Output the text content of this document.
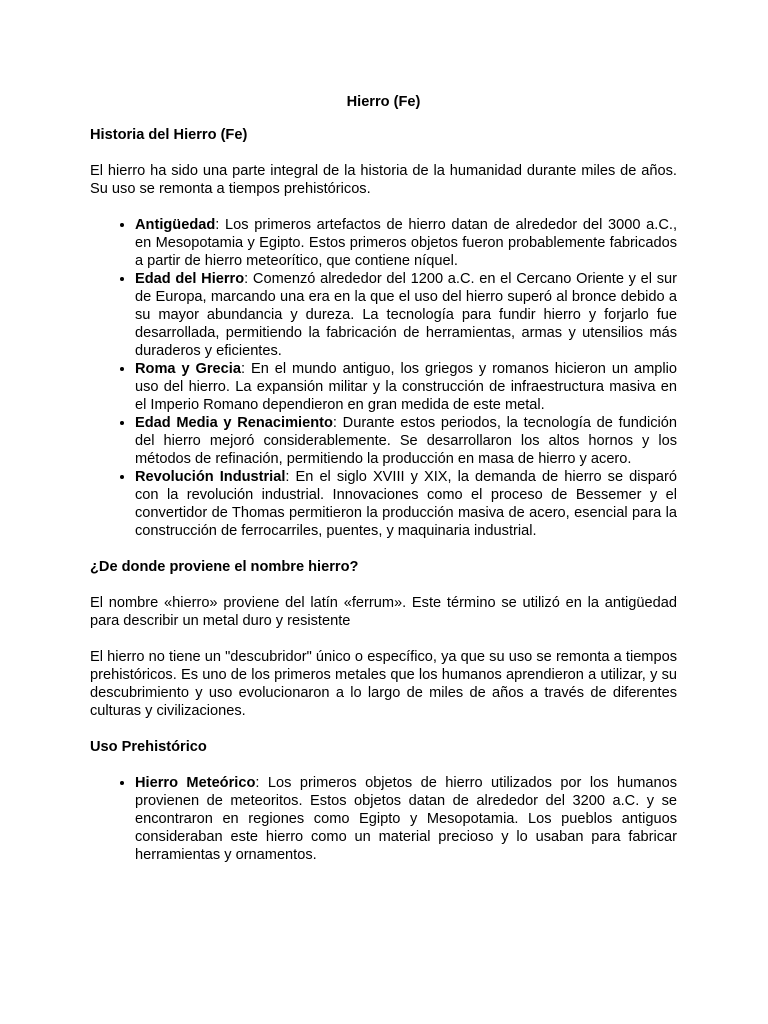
Hierro (Fe)
Historia del Hierro (Fe)

El hierro ha sido una parte integral de la historia de la humanidad durante miles de años. Su uso se remonta a tiempos prehistóricos.

• Antigüedad: Los primeros artefactos de hierro datan de alrededor del 3000 a.C., en Mesopotamia y Egipto. Estos primeros objetos fueron probablemente fabricados a partir de hierro meteorítico, que contiene níquel.
• Edad del Hierro: Comenzó alrededor del 1200 a.C. en el Cercano Oriente y el sur de Europa, marcando una era en la que el uso del hierro superó al bronce debido a su mayor abundancia y dureza. La tecnología para fundir hierro y forjarlo fue desarrollada, permitiendo la fabricación de herramientas, armas y utensilios más duraderos y eficientes.
• Roma y Grecia: En el mundo antiguo, los griegos y romanos hicieron un amplio uso del hierro. La expansión militar y la construcción de infraestructura masiva en el Imperio Romano dependieron en gran medida de este metal.
• Edad Media y Renacimiento: Durante estos periodos, la tecnología de fundición del hierro mejoró considerablemente. Se desarrollaron los altos hornos y los métodos de refinación, permitiendo la producción en masa de hierro y acero.
• Revolución Industrial: En el siglo XVIII y XIX, la demanda de hierro se disparó con la revolución industrial. Innovaciones como el proceso de Bessemer y el convertidor de Thomas permitieron la producción masiva de acero, esencial para la construcción de ferrocarriles, puentes, y maquinaria industrial.
¿De donde proviene el nombre hierro?

El nombre «hierro» proviene del latín «ferrum». Este término se utilizó en la antigüedad para describir un metal duro y resistente

El hierro no tiene un "descubridor" único o específico, ya que su uso se remonta a tiempos prehistóricos. Es uno de los primeros metales que los humanos aprendieron a utilizar, y su descubrimiento y uso evolucionaron a lo largo de miles de años a través de diferentes culturas y civilizaciones.

Uso Prehistórico
• Hierro Meteórico: Los primeros objetos de hierro utilizados por los humanos provienen de meteoritos. Estos objetos datan de alrededor del 3200 a.C. y se encontraron en regiones como Egipto y Mesopotamia. Los pueblos antiguos consideraban este hierro como un material precioso y lo usaban para fabricar herramientas y ornamentos.
